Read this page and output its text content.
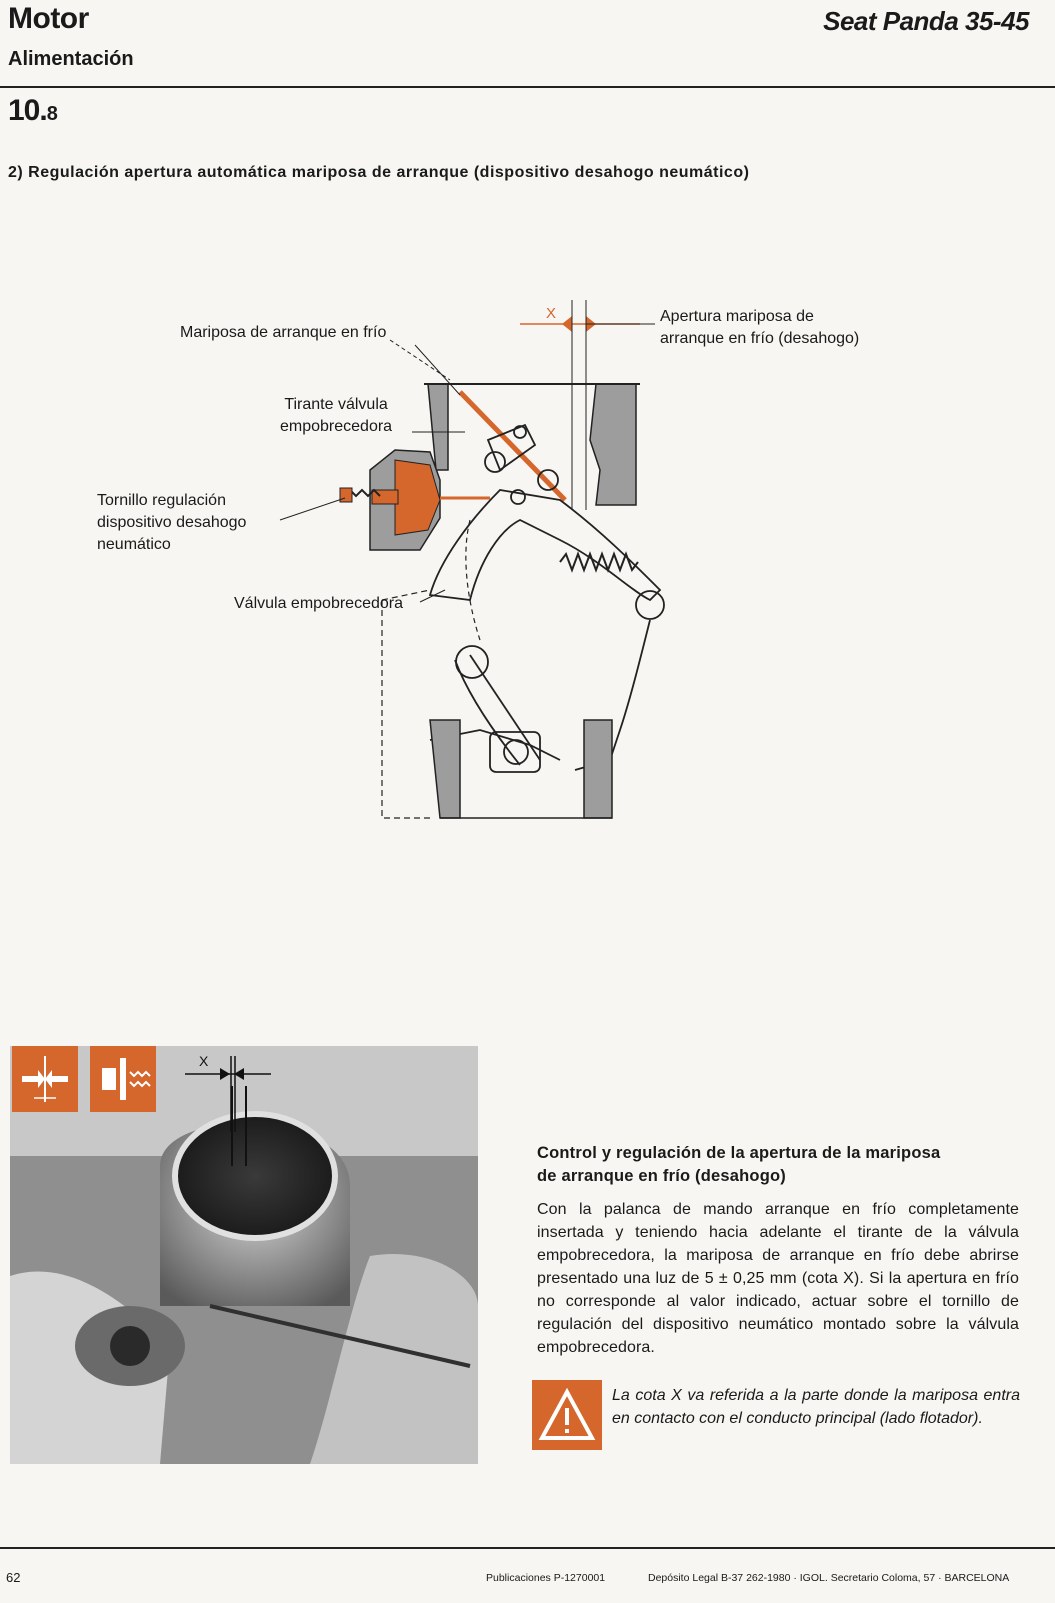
Motor
Alimentación
Seat Panda 35-45
10.8
2) Regulación apertura automática mariposa de arranque (dispositivo desahogo neumático)
X
Mariposa de arranque en frío
Apertura mariposa de
arranque en frío (desahogo)
Tirante válvula
empobrecedora
Tornillo regulación
dispositivo desahogo
neumático
Válvula empobrecedora
X
Control y regulación de la apertura de la mariposa
de arranque en frío (desahogo)
Con la palanca de mando arranque en frío completamente insertada y teniendo hacia adelante el tirante de la válvula empobrecedora, la mariposa de arranque en frío debe abrirse presentado una luz de 5 ± 0,25 mm (cota X). Si la apertura en frío no corresponde al valor indicado, actuar sobre el tornillo de regulación del dispositivo neumático montado sobre la válvula empobrecedora.
La cota X va referida a la parte donde la mariposa entra en contacto con el conducto principal (lado flotador).
62	Publicaciones P-1270001	Depósito Legal B-37 262-1980 · IGOL. Secretario Coloma, 57 · BARCELONA
